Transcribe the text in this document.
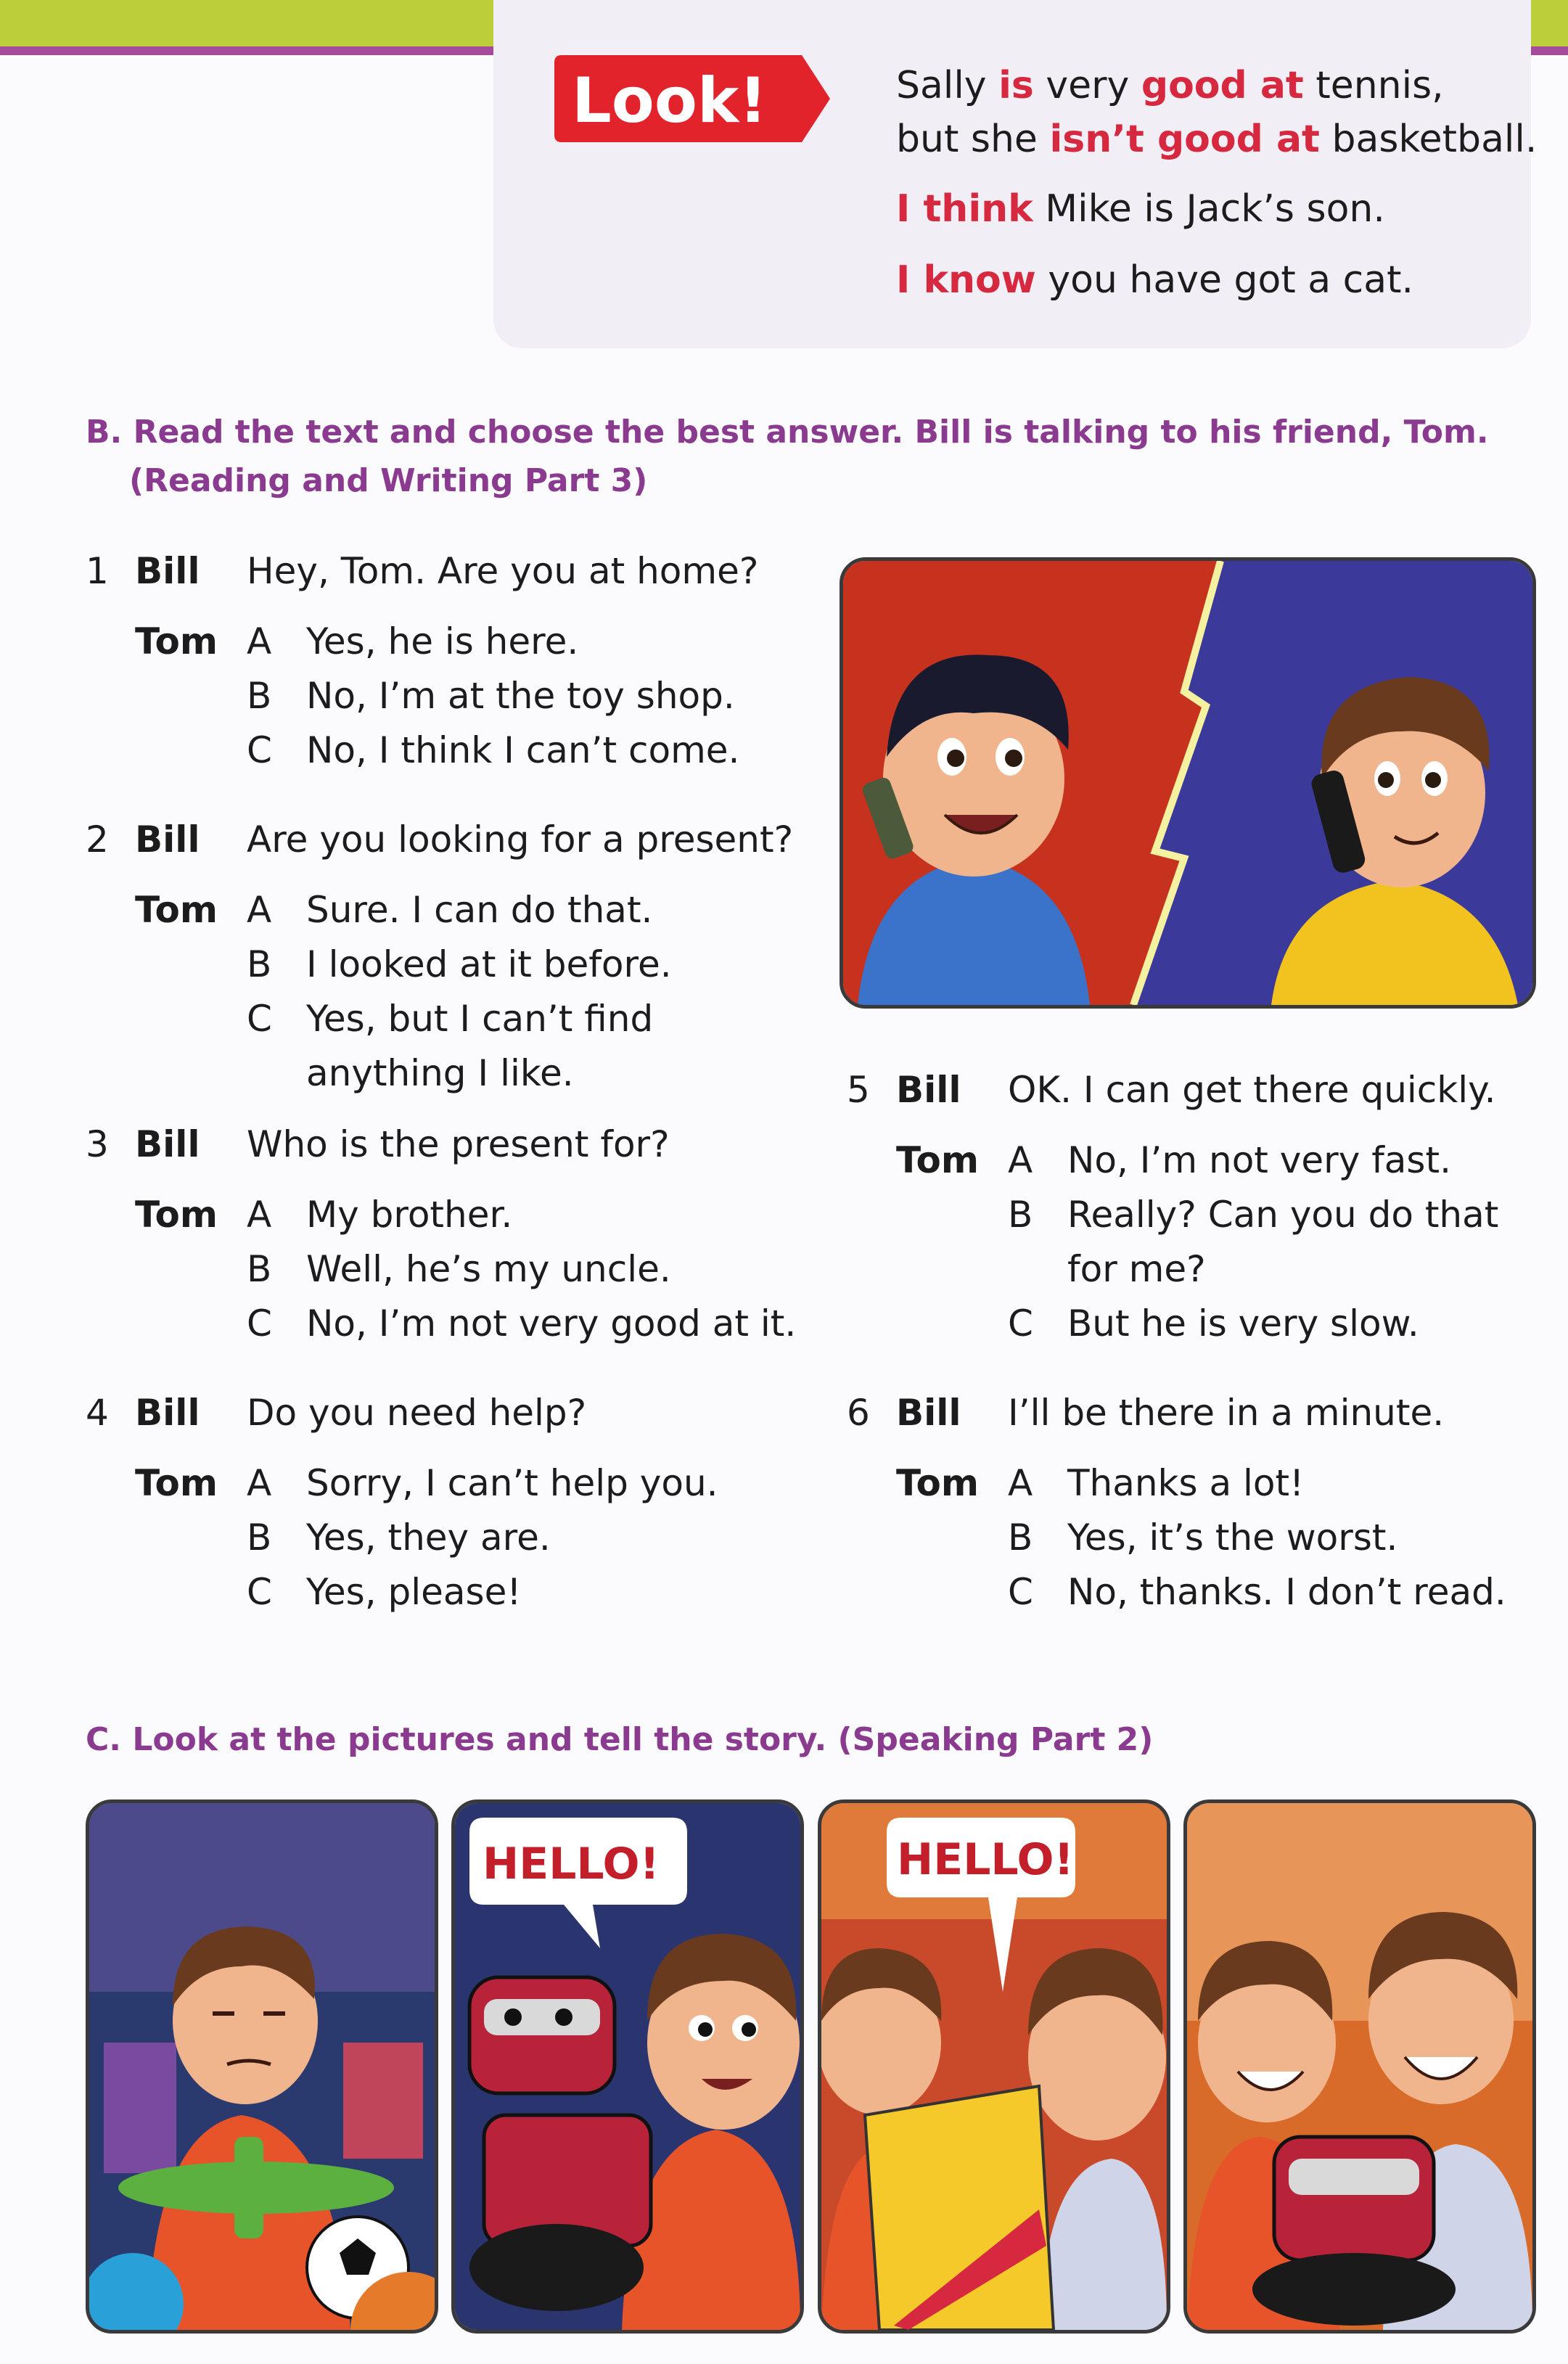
Look!	Sally is very good at tennis,
but she isn’t good at basketball.
I think Mike is Jack’s son.
I know you have got a cat.
B. Read the text and choose the best answer. Bill is talking to his friend, Tom.
(Reading and Writing Part 3)
1 Bill Hey, Tom. Are you at home?
Tom A Yes, he is here.
B No, I’m at the toy shop.
C No, I think I can’t come.
2 Bill Are you looking for a present?
Tom A Sure. I can do that.
B I looked at it before.
C Yes, but I can’t find
anything I like.
3 Bill Who is the present for?
Tom A My brother.
B Well, he’s my uncle.
C No, I’m not very good at it.
4 Bill Do you need help?
Tom A Sorry, I can’t help you.
B Yes, they are.
C Yes, please!
5 Bill OK. I can get there quickly.
Tom A No, I’m not very fast.
B Really? Can you do that
for me?
C But he is very slow.
6 Bill I’ll be there in a minute.
Tom A Thanks a lot!
B Yes, it’s the worst.
C No, thanks. I don’t read.
C. Look at the pictures and tell the story. (Speaking Part 2)
HELLO!	HELLO!
